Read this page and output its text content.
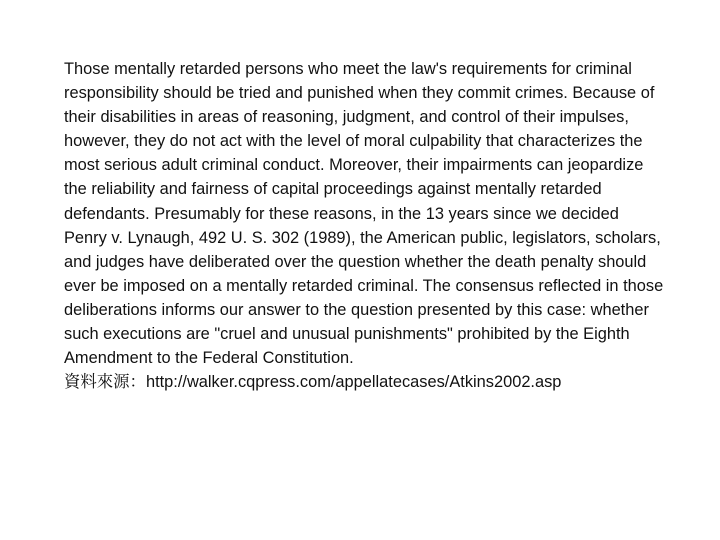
Those mentally retarded persons who meet the law's requirements for criminal responsibility should be tried and punished when they commit crimes. Because of their disabilities in areas of reasoning, judgment, and control of their impulses, however, they do not act with the level of moral culpability that characterizes the most serious adult criminal conduct. Moreover, their impairments can jeopardize the reliability and fairness of capital proceedings against mentally retarded defendants. Presumably for these reasons, in the 13 years since we decided Penry v. Lynaugh, 492 U. S. 302 (1989), the American public, legislators, scholars, and judges have deliberated over the question whether the death penalty should ever be imposed on a mentally retarded criminal. The consensus reflected in those deliberations informs our answer to the question presented by this case: whether such executions are "cruel and unusual punishments" prohibited by the Eighth Amendment to the Federal Constitution.

資料來源：http://walker.cqpress.com/appellatecases/Atkins2002.asp
